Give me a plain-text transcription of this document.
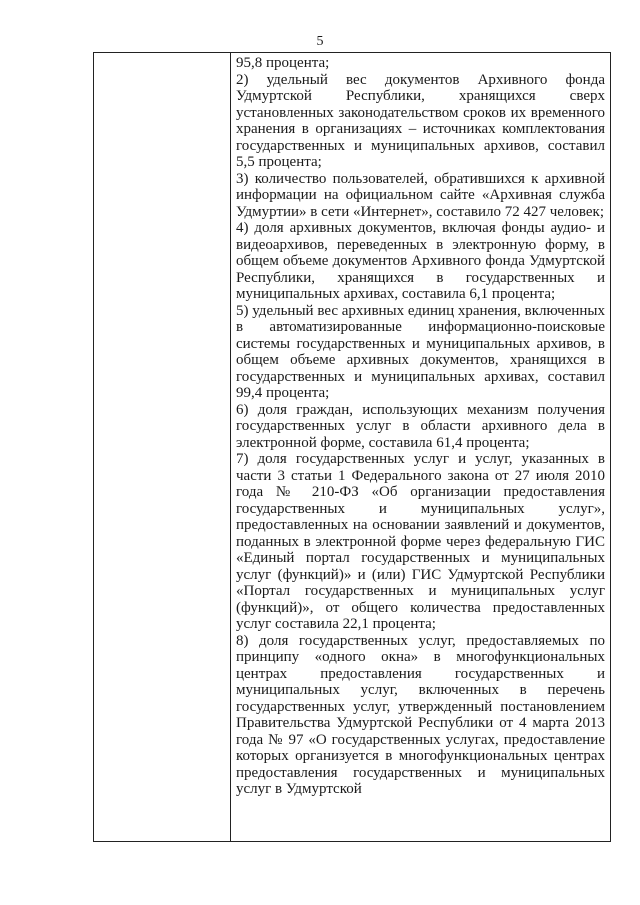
5

95,8 процента;

2) удельный вес документов Архивного фонда Удмуртской Республики, хранящихся сверх установленных законодательством сроков их временного хранения в организациях – источниках комплектования государственных и муниципальных архивов, составил 5,5 процента;

3) количество пользователей, обратившихся к архивной информации на официальном сайте «Архивная служба Удмуртии» в сети «Интернет», составило 72 427 человек;

4) доля архивных документов, включая фонды аудио- и видеоархивов, переведенных в электронную форму, в общем объеме документов Архивного фонда Удмуртской Республики, хранящихся в государственных и муниципальных архивах, составила 6,1 процента;

5) удельный вес архивных единиц хранения, включенных в автоматизированные информационно-поисковые системы государственных и муниципальных архивов, в общем объеме архивных документов, хранящихся в государственных и муниципальных архивах, составил 99,4 процента;

6) доля граждан, использующих механизм получения государственных услуг в области архивного дела в электронной форме, составила 61,4 процента;

7) доля государственных услуг и услуг, указанных в части 3 статьи 1 Федерального закона от 27 июля 2010 года № 210-ФЗ «Об организации предоставления государственных и муниципальных услуг», предоставленных на основании заявлений и документов, поданных в электронной форме через федеральную ГИС «Единый портал государственных и муниципальных услуг (функций)» и (или) ГИС Удмуртской Республики «Портал государственных и муниципальных услуг (функций)», от общего количества предоставленных услуг составила 22,1 процента;

8) доля государственных услуг, предоставляемых по принципу «одного окна» в многофункциональных центрах предоставления государственных и муниципальных услуг, включенных в перечень государственных услуг, утвержденный постановлением Правительства Удмуртской Республики от 4 марта 2013 года № 97 «О государственных услугах, предоставление которых организуется в многофункциональных центрах предоставления государственных и муниципальных услуг в Удмуртской
